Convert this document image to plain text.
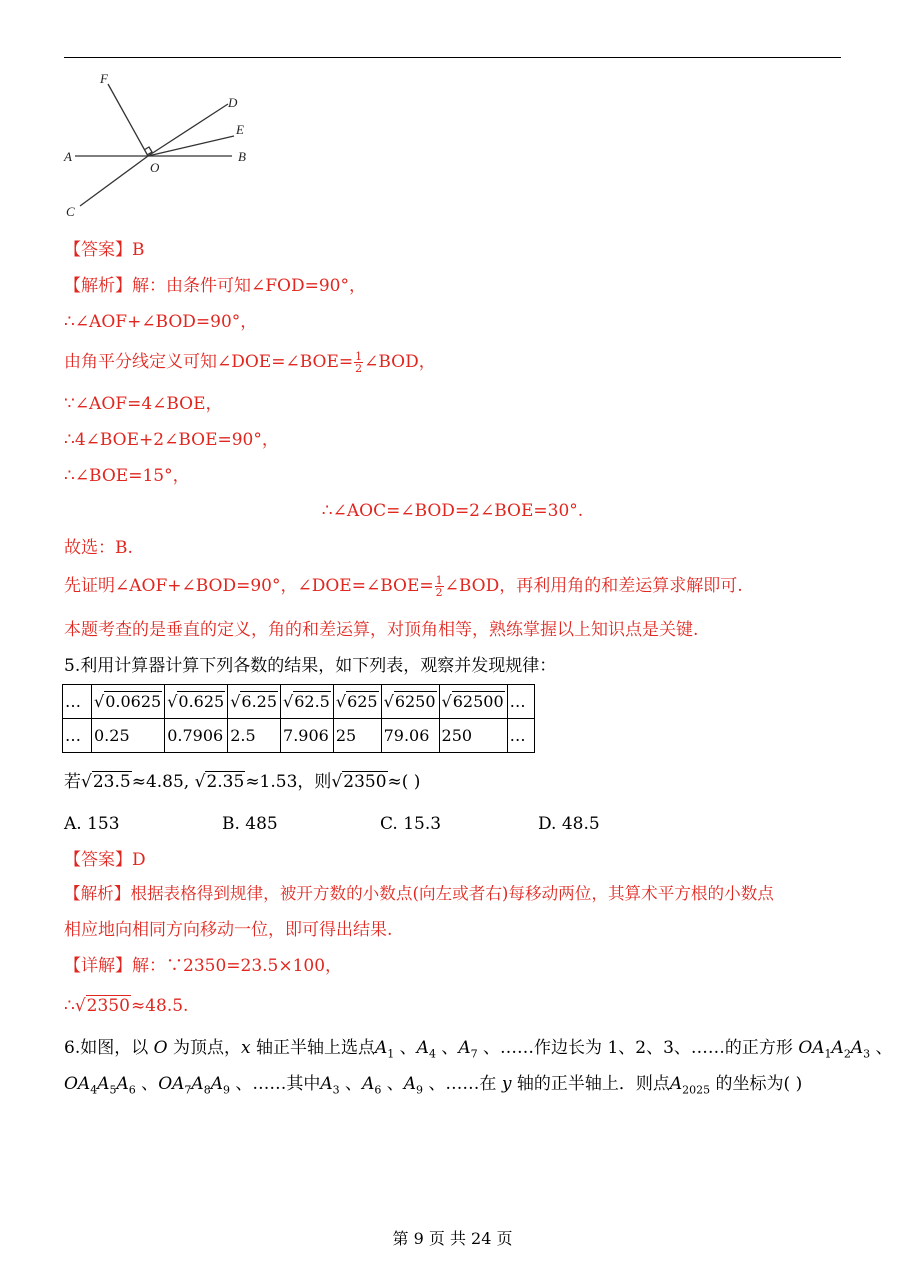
F
D
E
A	B
O
C
【答案】B
【解析】解：由条件可知∠FOD=90°，
∴∠AOF+∠BOD=90°，
由角平分线定义可知∠DOE=∠BOE= $\frac{1}{2}$ ∠BOD，
∵∠AOF=4∠BOE，
∴4∠BOE+2∠BOE=90°，
∴∠BOE=15°，
∴∠AOC=∠BOD=2∠BOE=30°.
故选：B.
先证明∠AOF+∠BOD=90°，∠DOE=∠BOE= $\frac{1}{2}$ ∠BOD，再利用角的和差运算求解即可.
本题考查的是垂直的定义，角的和差运算，对顶角相等，熟练掌握以上知识点是关键.
5.利用计算器计算下列各数的结果，如下列表，观察并发现规律：
…	√0.0625	√0.625	√6.25	√62.5	√625	√6250	√62500	…
…	0.25	0.7906	2.5	7.906	25	79.06	250	…
若√23.5≈4.85, √2.35≈1.53，则√2350≈( )
A. 153	B. 485	C. 15.3	D. 48.5
【答案】D
【解析】根据表格得到规律，被开方数的小数点(向左或者右)每移动两位，其算术平方根的小数点
相应地向相同方向移动一位，即可得出结果.
【详解】解：∵2350=23.5×100，
∴√2350≈48.5.
6.如图，以 O 为顶点，x 轴正半轴上选点$A_1$ 、$A_4$ 、$A_7$ 、……作边长为 1、2、3、……的正方形 $OA_1A_2A_3$ 、
$OA_4A_5A_6$ 、$OA_7A_8A_9$ 、……其中$A_3$ 、$A_6$ 、$A_9$ 、……在 y 轴的正半轴上．则点$A_{2025}$ 的坐标为( )
第 9 页 共 24 页
